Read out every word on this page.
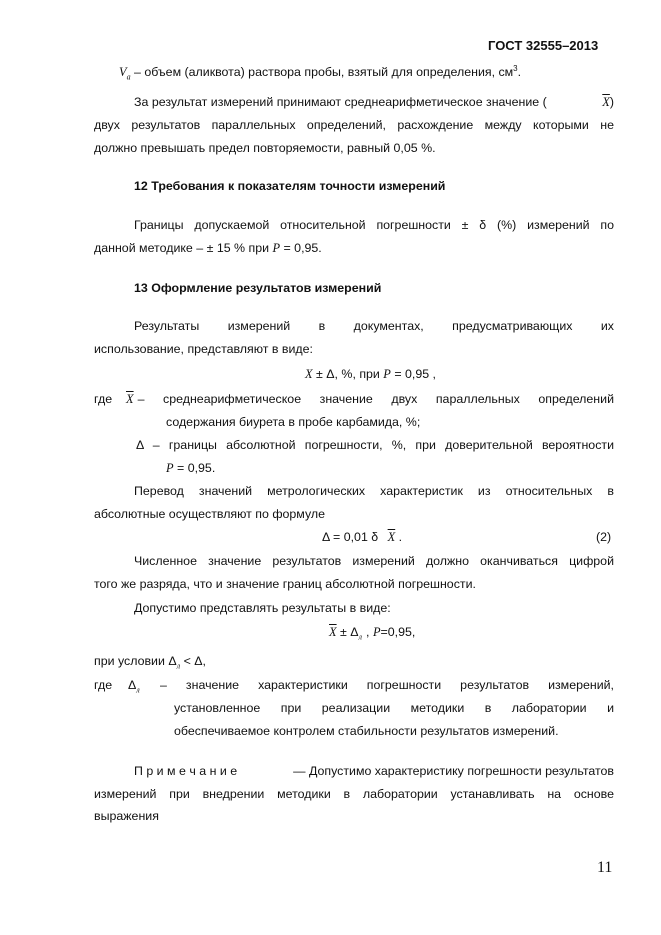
ГОСТ 32555–2013
$V_а$ – объем (аликвота) раствора пробы, взятый для определения, $см^3$.
За результат измерений принимают среднеарифметическое значение (	$\overline{X}$)
двух результатов параллельных определений, расхождение между которыми не
должно превышать предел повторяемости, равный 0,05 %.
12 Требования к показателям точности измерений
Границы допускаемой относительной погрешности ± δ (%) измерений по
данной методике – ± 15 % при Р = 0,95.
13 Оформление результатов измерений
Результаты измерений в документах, предусматривающих их
использование, представляют в виде:
X ± Δ, %, при Р = 0,95 ,
где $\overline{X}$ – среднеарифметическое значение двух параллельных определений
содержания биурета в пробе карбамида, %;
Δ – границы абсолютной погрешности, %, при доверительной вероятности
Р = 0,95.
Перевод значений метрологических характеристик из относительных в
абсолютные осуществляют по формуле
Δ = 0,01 δ $\overline{X}$ .	(2)
Численное значение результатов измерений должно оканчиваться цифрой
того же разряда, что и значение границ абсолютной погрешности.
Допустимо представлять результаты в виде:
$\overline{X} \pm \Delta_л$ , Р=0,95,
при условии $\Delta_л < \Delta$,
где $\Delta_л$ – значение характеристики погрешности результатов измерений,
установленное при реализации методики в лаборатории и
обеспечиваемое контролем стабильности результатов измерений.
П р и м е ч а н и е	— Допустимо характеристику погрешности результатов
измерений при внедрении методики в лаборатории устанавливать на основе
выражения
11
